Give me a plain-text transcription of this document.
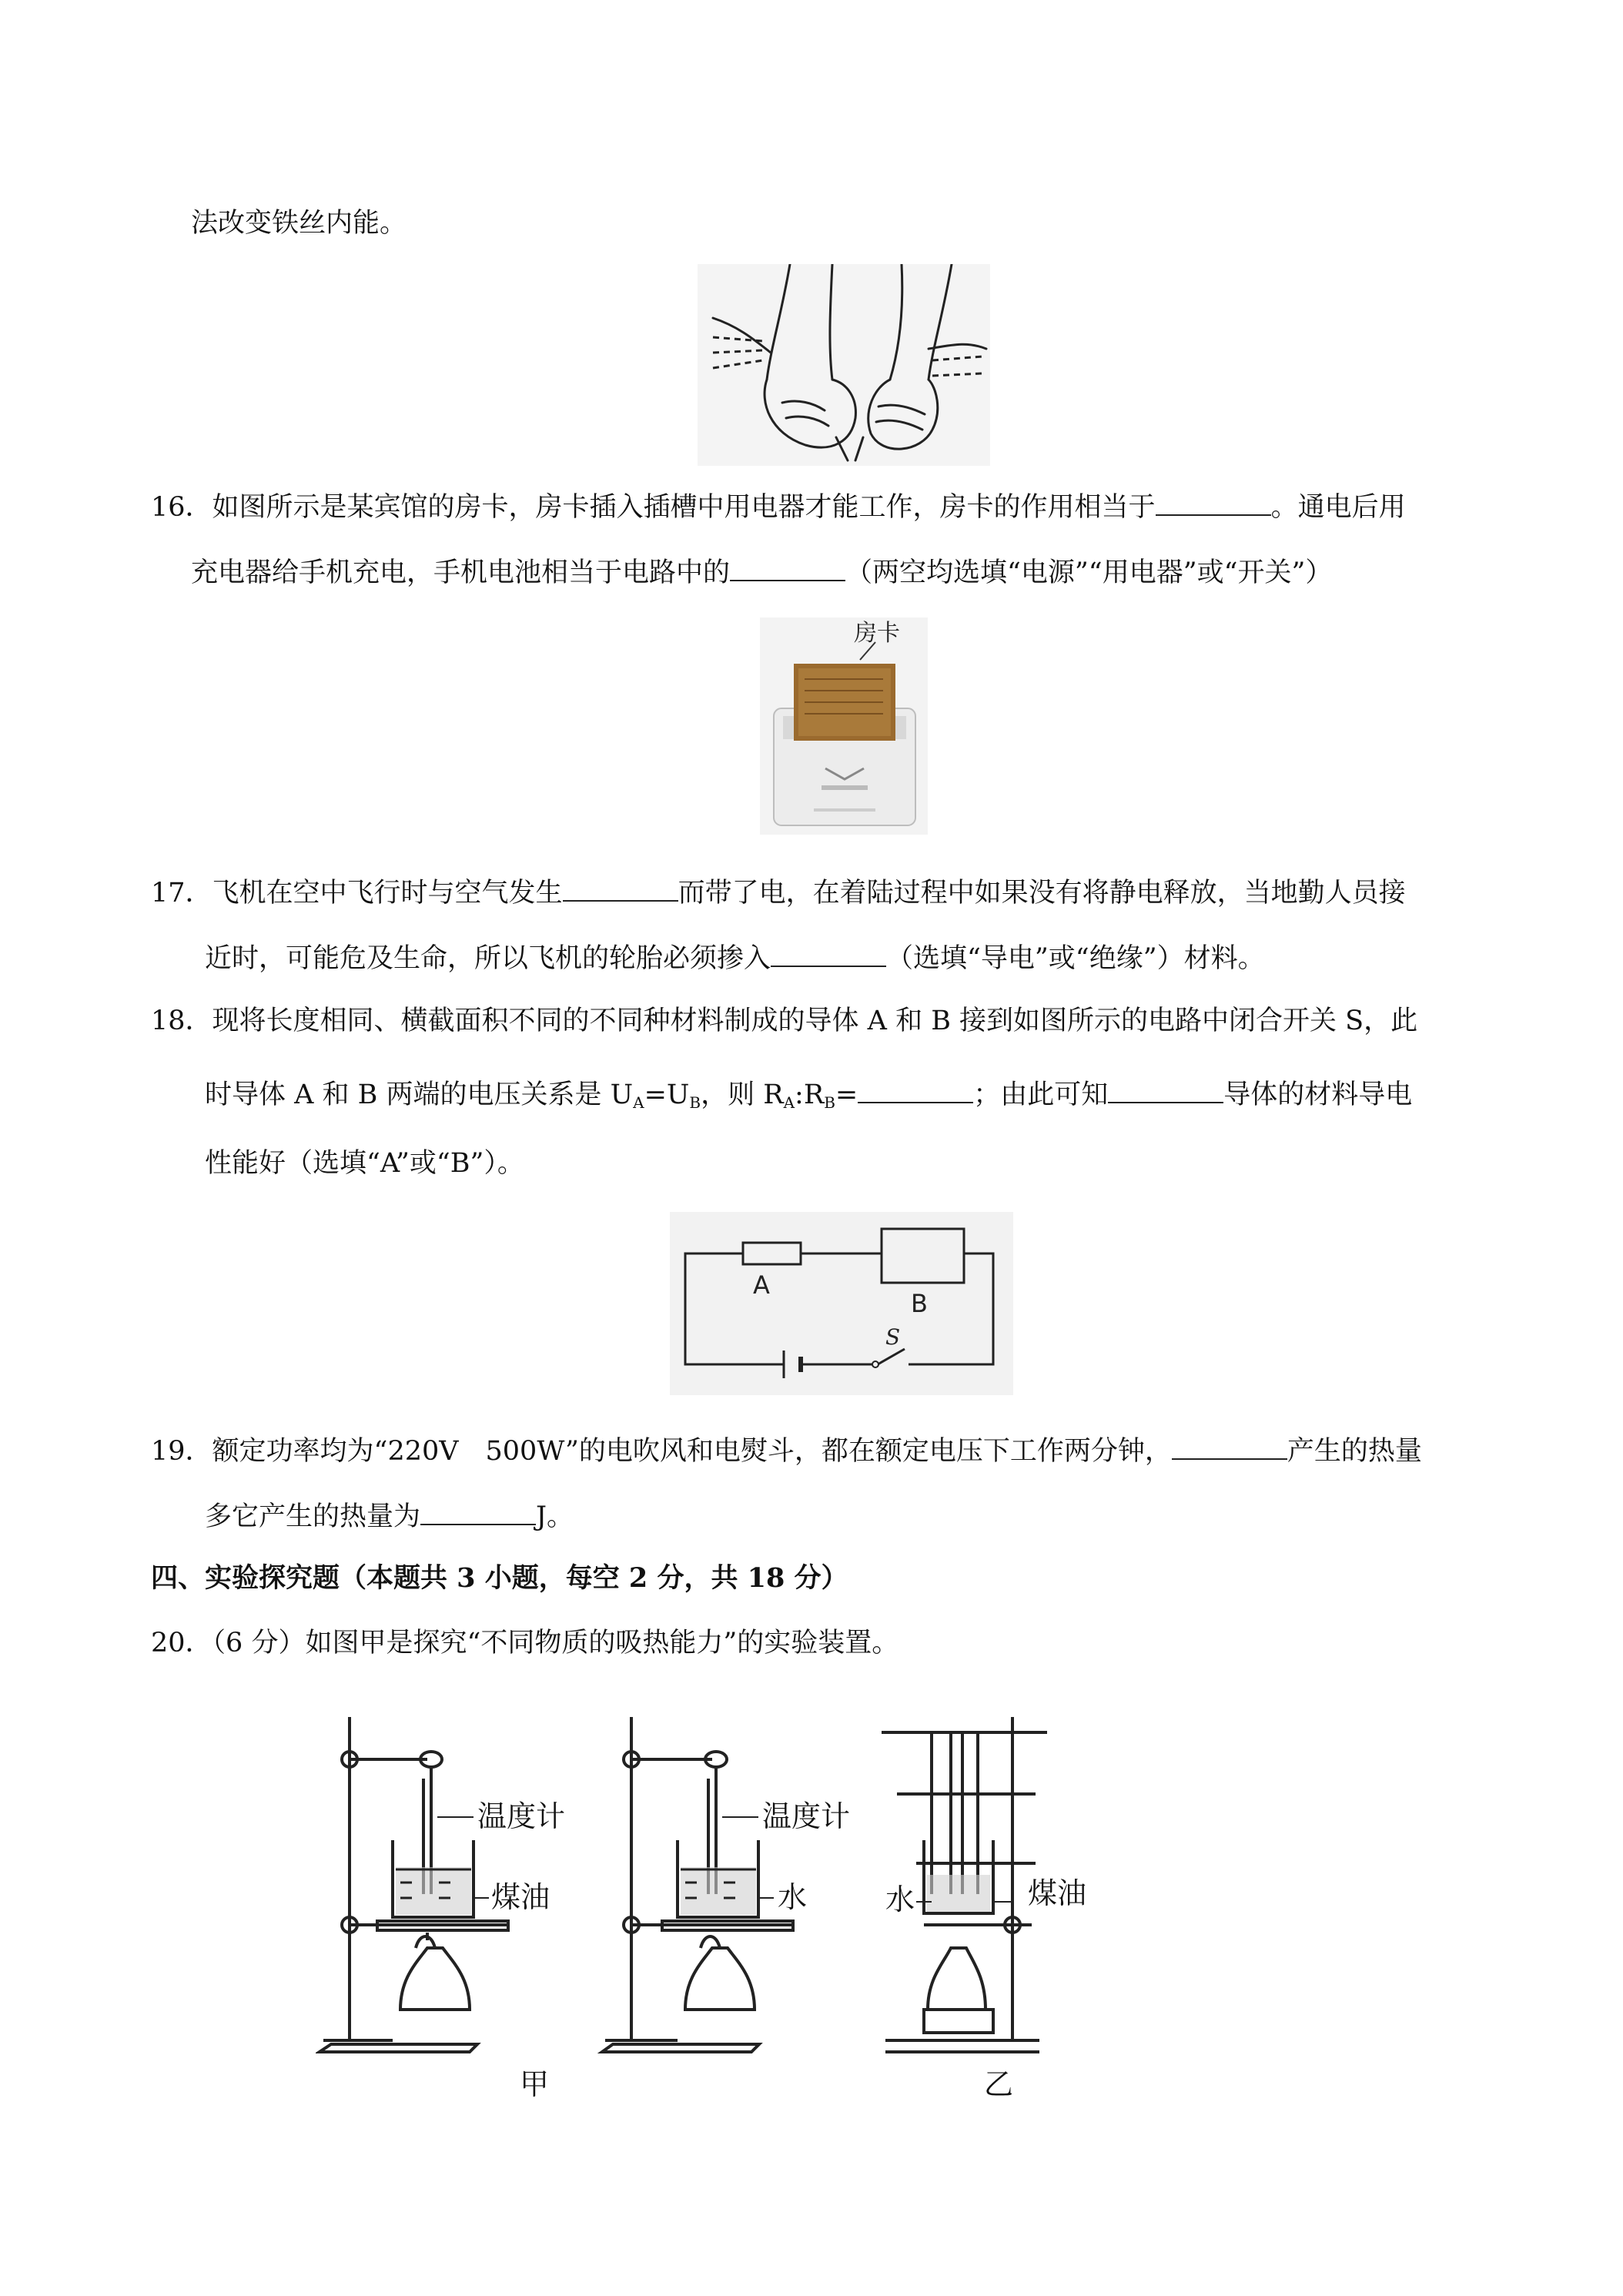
法改变铁丝内能。
16．如图所示是某宾馆的房卡，房卡插入插槽中用电器才能工作，房卡的作用相当于	。通电后用
充电器给手机充电，手机电池相当于电路中的	（两空均选填“电源”“用电器”或“开关”）
房卡
17．飞机在空中飞行时与空气发生	而带了电，在着陆过程中如果没有将静电释放，当地勤人员接
近时，可能危及生命，所以飞机的轮胎必须掺入	（选填“导电”或“绝缘”）材料。
18．现将长度相同、横截面积不同的不同种材料制成的导体 A 和 B 接到如图所示的电路中闭合开关 S，此
时导体 A 和 B 两端的电压关系是 $U_A=U_B$，则 $R_A:R_B=$	；由此可知	导体的材料导电
性能好（选填“A”或“B”）。
A
B
S
19．额定功率均为“220V　500W”的电吹风和电熨斗，都在额定电压下工作两分钟，	产生的热量
多它产生的热量为	J。
四、实验探究题（本题共 3 小题，每空 2 分，共 18 分）
20．（6 分）如图甲是探究“不同物质的吸热能力”的实验装置。
温度计
煤油
温度计
水	水	煤油
甲	乙
